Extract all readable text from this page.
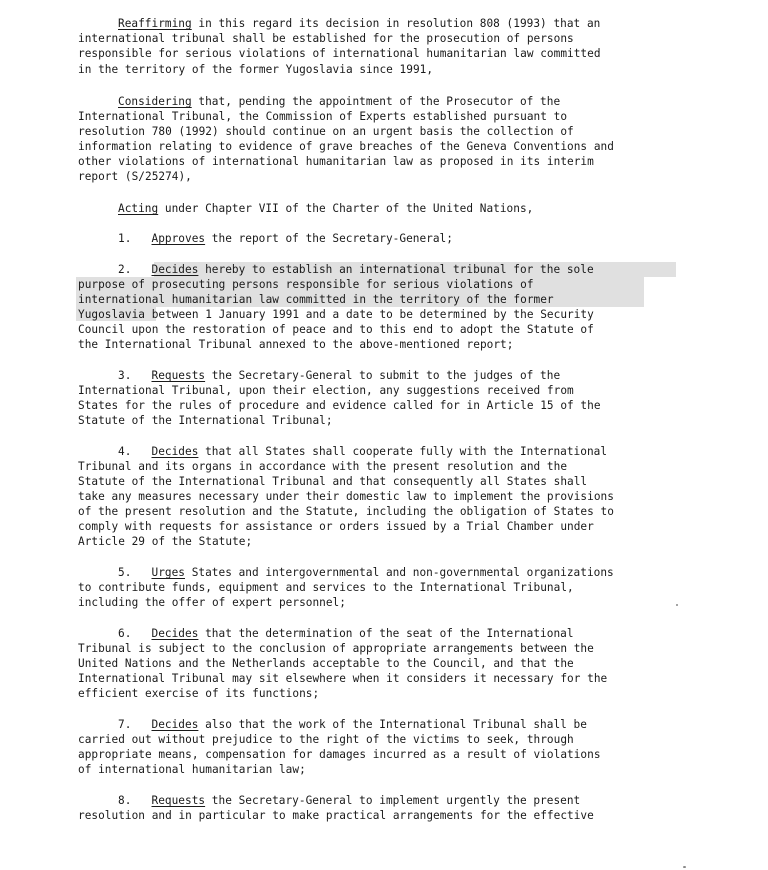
Reaffirming in this regard its decision in resolution 808 (1993) that an
international tribunal shall be established for the prosecution of persons
responsible for serious violations of international humanitarian law committed
in the territory of the former Yugoslavia since 1991,
Considering that, pending the appointment of the Prosecutor of the
International Tribunal, the Commission of Experts established pursuant to
resolution 780 (1992) should continue on an urgent basis the collection of
information relating to evidence of grave breaches of the Geneva Conventions and
other violations of international humanitarian law as proposed in its interim
report (S/25274),
Acting under Chapter VII of the Charter of the United Nations,
1.   Approves the report of the Secretary-General;
2.   Decides hereby to establish an international tribunal for the sole
purpose of prosecuting persons responsible for serious violations of
international humanitarian law committed in the territory of the former
Yugoslavia between 1 January 1991 and a date to be determined by the Security
Council upon the restoration of peace and to this end to adopt the Statute of
the International Tribunal annexed to the above-mentioned report;
3.   Requests the Secretary-General to submit to the judges of the
International Tribunal, upon their election, any suggestions received from
States for the rules of procedure and evidence called for in Article 15 of the
Statute of the International Tribunal;
4.   Decides that all States shall cooperate fully with the International
Tribunal and its organs in accordance with the present resolution and the
Statute of the International Tribunal and that consequently all States shall
take any measures necessary under their domestic law to implement the provisions
of the present resolution and the Statute, including the obligation of States to
comply with requests for assistance or orders issued by a Trial Chamber under
Article 29 of the Statute;
5.   Urges States and intergovernmental and non-governmental organizations
to contribute funds, equipment and services to the International Tribunal,
including the offer of expert personnel;
6.   Decides that the determination of the seat of the International
Tribunal is subject to the conclusion of appropriate arrangements between the
United Nations and the Netherlands acceptable to the Council, and that the
International Tribunal may sit elsewhere when it considers it necessary for the
efficient exercise of its functions;
7.   Decides also that the work of the International Tribunal shall be
carried out without prejudice to the right of the victims to seek, through
appropriate means, compensation for damages incurred as a result of violations
of international humanitarian law;
8.   Requests the Secretary-General to implement urgently the present
resolution and in particular to make practical arrangements for the effective
